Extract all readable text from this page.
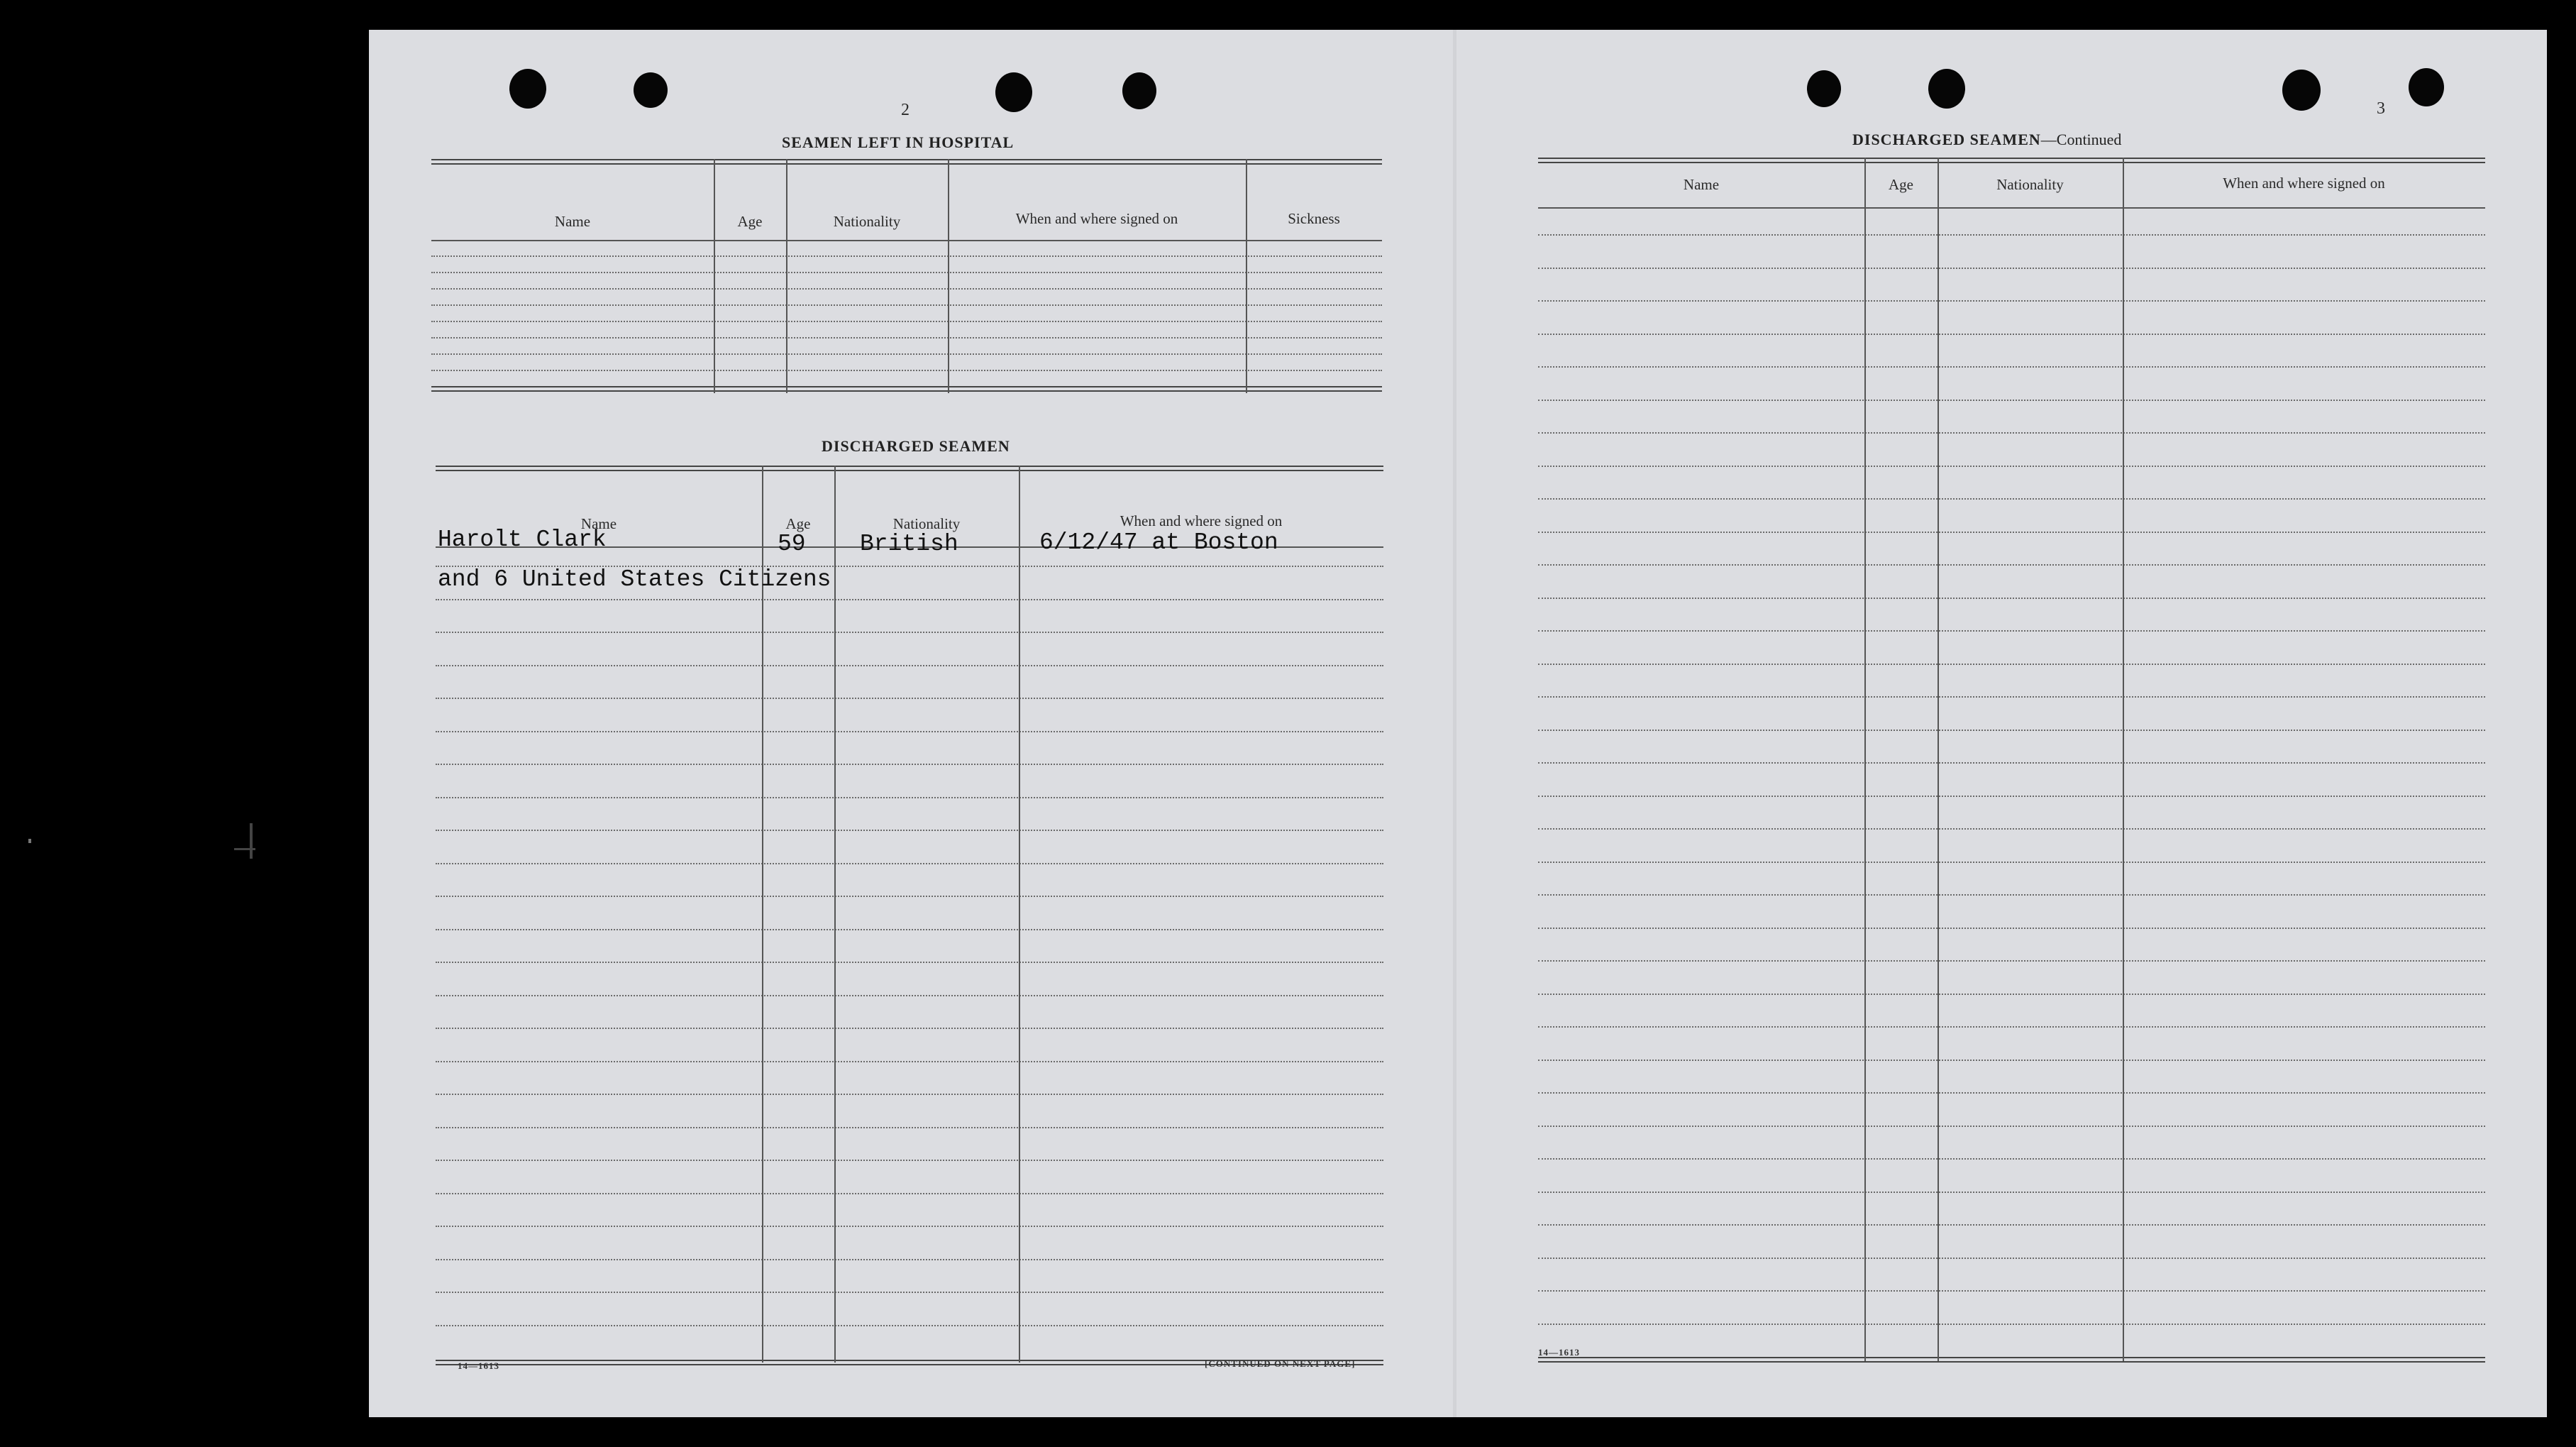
2
SEAMEN LEFT IN HOSPITAL
Name	Age	Nationality	When and where signed on	Sickness
DISCHARGED SEAMEN
Name	Age	Nationality	When and where signed on
Harolt Clark	59 British	6/12/47 at Boston
and 6 United States Citizens
14—1613	[CONTINUED ON NEXT PAGE]
3
DISCHARGED SEAMEN—Continued
Name	Age	Nationality	When and where signed on
14—1613
